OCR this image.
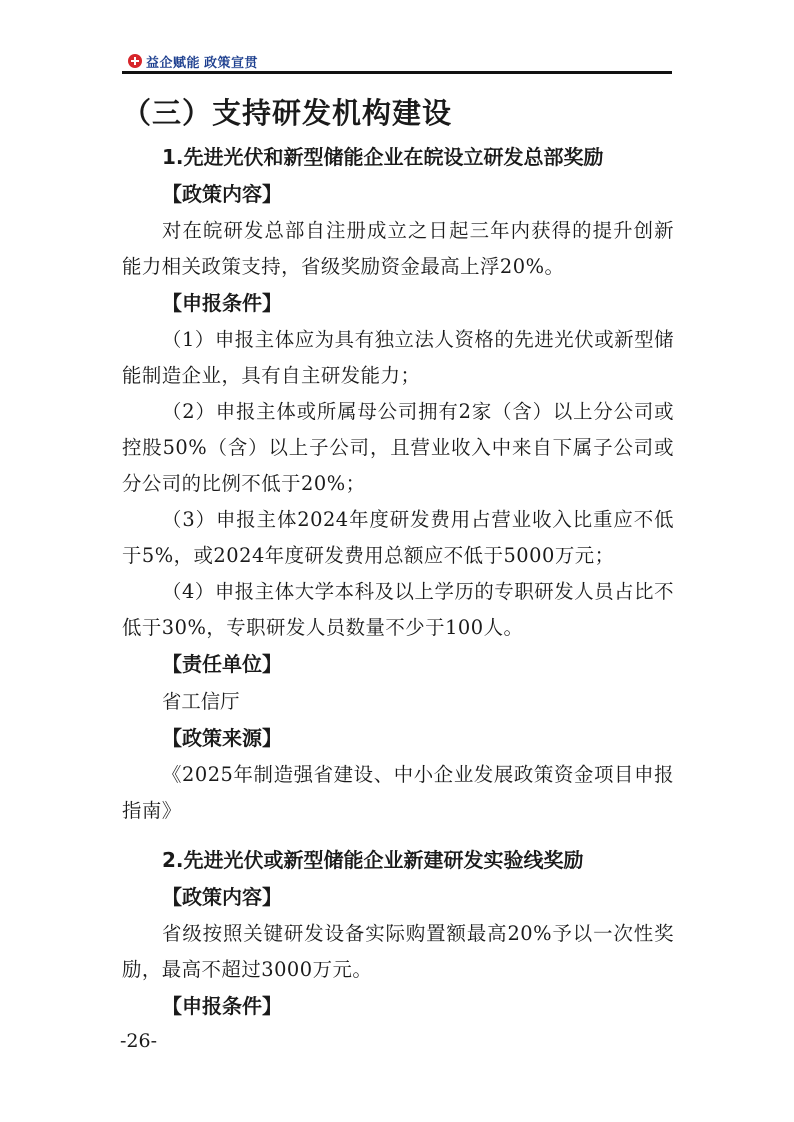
益企赋能 政策宣贯
（三）支持研发机构建设
1.先进光伏和新型储能企业在皖设立研发总部奖励
【政策内容】

对在皖研发总部自注册成立之日起三年内获得的提升创新能力相关政策支持，省级奖励资金最高上浮20%。

【申报条件】

（1）申报主体应为具有独立法人资格的先进光伏或新型储能制造企业，具有自主研发能力；

（2）申报主体或所属母公司拥有2家（含）以上分公司或控股50%（含）以上子公司，且营业收入中来自下属子公司或分公司的比例不低于20%；

（3）申报主体2024年度研发费用占营业收入比重应不低于5%，或2024年度研发费用总额应不低于5000万元；

（4）申报主体大学本科及以上学历的专职研发人员占比不低于30%，专职研发人员数量不少于100人。

【责任单位】
省工信厅
【政策来源】

《2025年制造强省建设、中小企业发展政策资金项目申报指南》

2.先进光伏或新型储能企业新建研发实验线奖励
【政策内容】

省级按照关键研发设备实际购置额最高20%予以一次性奖励，最高不超过3000万元。

【申报条件】
-26-
